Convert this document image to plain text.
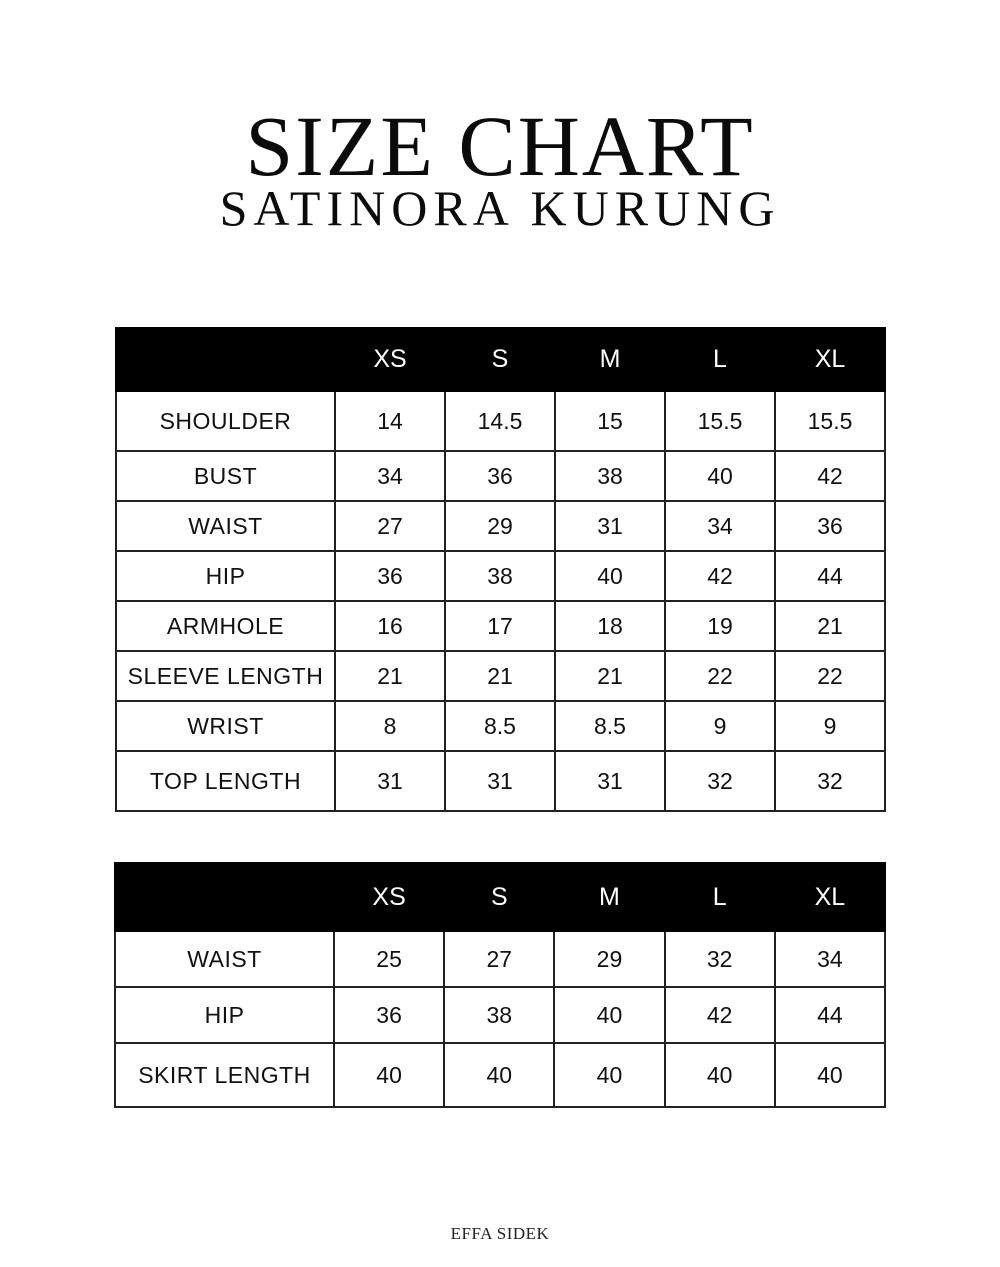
SIZE CHART
SATINORA KURUNG
	XS	S	M	L	XL
SHOULDER	14	14.5	15	15.5	15.5
BUST	34	36	38	40	42
WAIST	27	29	31	34	36
HIP	36	38	40	42	44
ARMHOLE	16	17	18	19	21
SLEEVE LENGTH	21	21	21	22	22
WRIST	8	8.5	8.5	9	9
TOP LENGTH	31	31	31	32	32
	XS	S	M	L	XL
WAIST	25	27	29	32	34
HIP	36	38	40	42	44
SKIRT LENGTH	40	40	40	40	40
EFFA SIDEK
